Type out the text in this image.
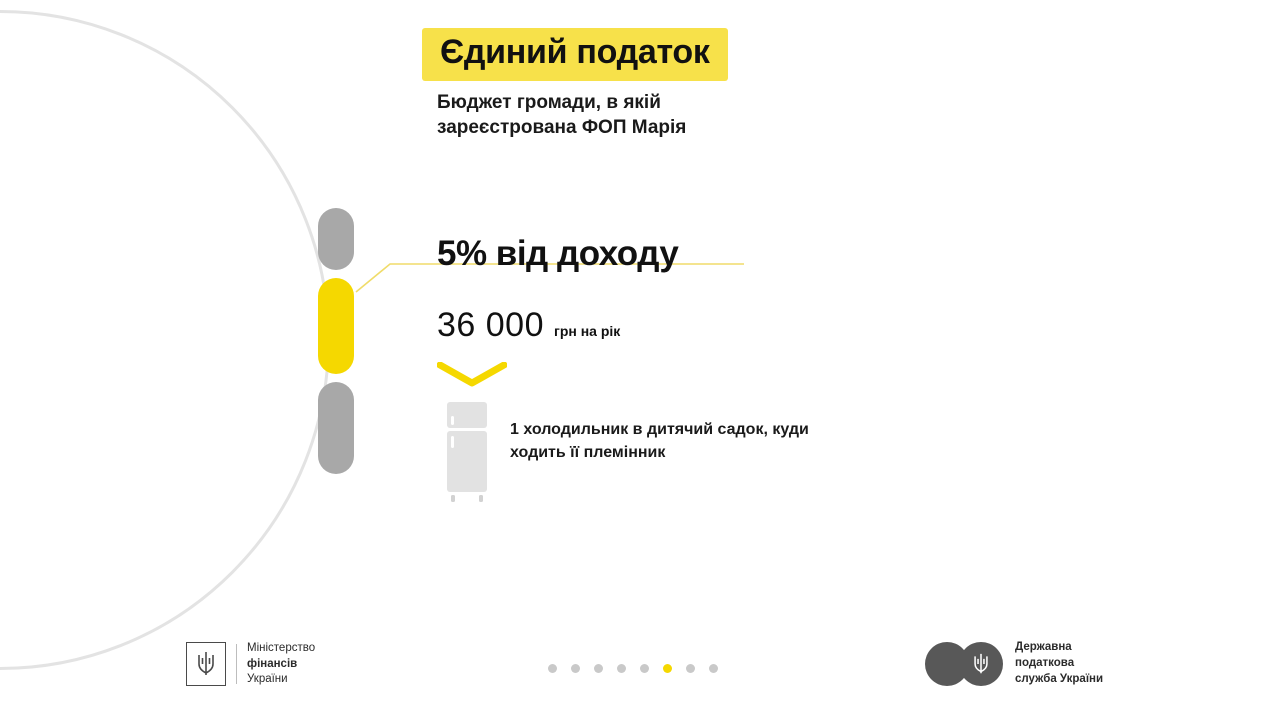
Єдиний податок
Бюджет громади, в якій зареєстрована ФОП Марія
5% від доходу
36 000 грн на рік
1 холодильник в дитячий садок, куди ходить її племінник
Міністерство
фінансів
України
Державна
податкова
служба України
